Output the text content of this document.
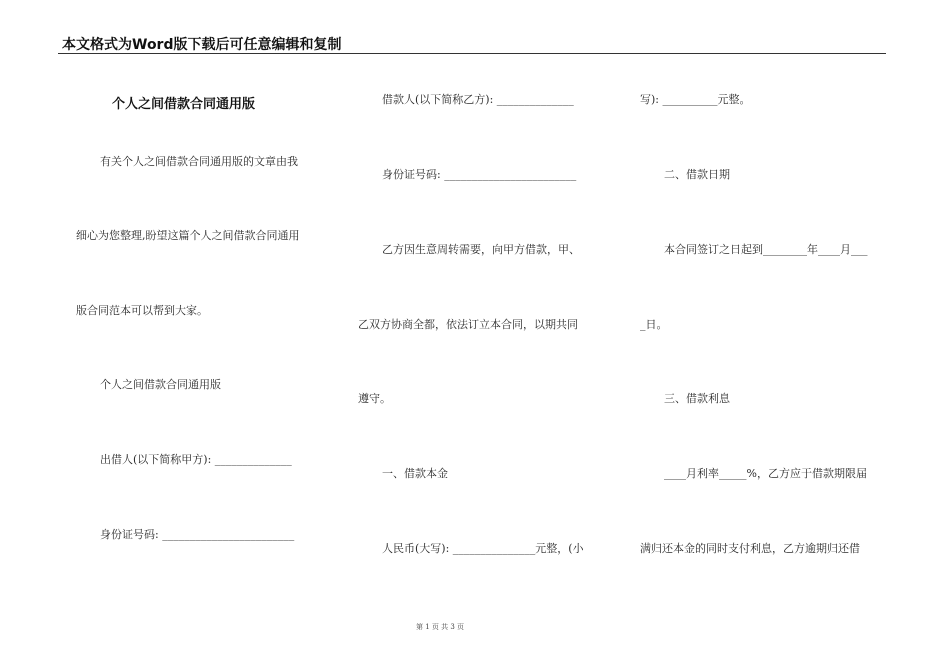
本文格式为Word版下载后可任意编辑和复制
个人之间借款合同通用版
有关个人之间借款合同通用版的文章由我
细心为您整理,盼望这篇个人之间借款合同通用
版合同范本可以帮到大家。
个人之间借款合同通用版
出借人(以下简称甲方): ______________
身份证号码: ________________________
借款人(以下简称乙方): ______________
身份证号码: ________________________
乙方因生意周转需要，向甲方借款，甲、
乙双方协商全都，依法订立本合同，以期共同
遵守。
一、借款本金
人民币(大写): _______________元整，(小
写): __________元整。
二、借款日期
本合同签订之日起到________年____月___
_日。
三、借款利息
____月利率_____%，乙方应于借款期限届
满归还本金的同时支付利息，乙方逾期归还借
第 1 页 共 3 页
